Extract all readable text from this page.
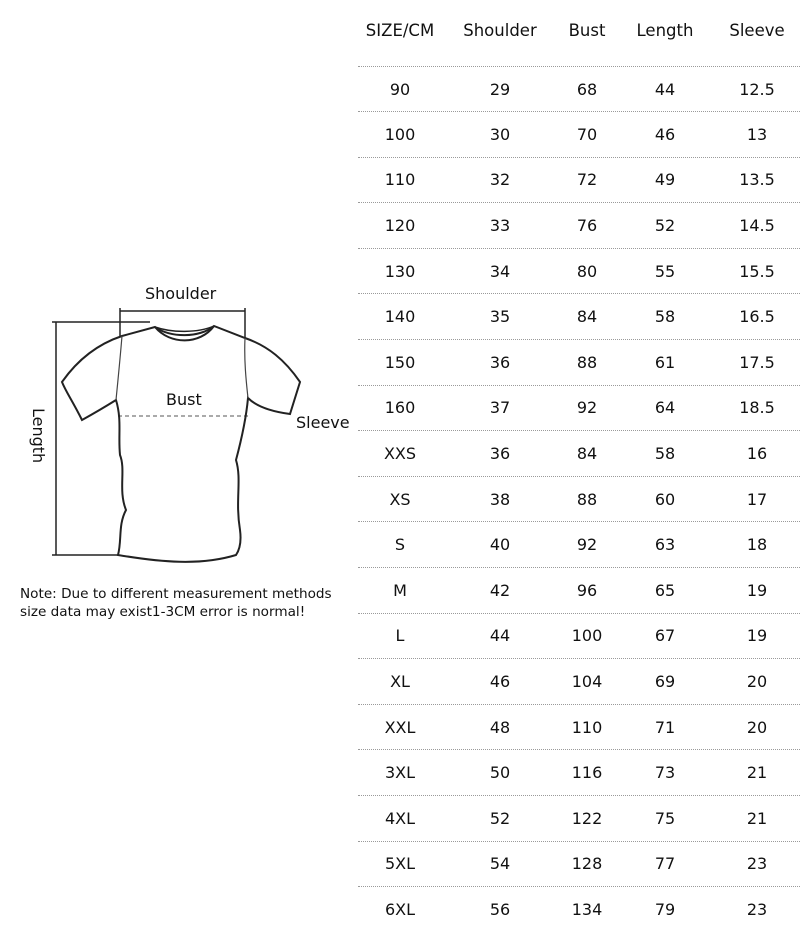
Shoulder
Bust
Sleeve
Length
Note: Due to different measurement methods
size data may exist1-3CM error is normal!
SIZE/CM	Shoulder	Bust	Length	Sleeve
90	29	68	44	12.5
100	30	70	46	13
110	32	72	49	13.5
120	33	76	52	14.5
130	34	80	55	15.5
140	35	84	58	16.5
150	36	88	61	17.5
160	37	92	64	18.5
XXS	36	84	58	16
XS	38	88	60	17
S	40	92	63	18
M	42	96	65	19
L	44	100	67	19
XL	46	104	69	20
XXL	48	110	71	20
3XL	50	116	73	21
4XL	52	122	75	21
5XL	54	128	77	23
6XL	56	134	79	23
